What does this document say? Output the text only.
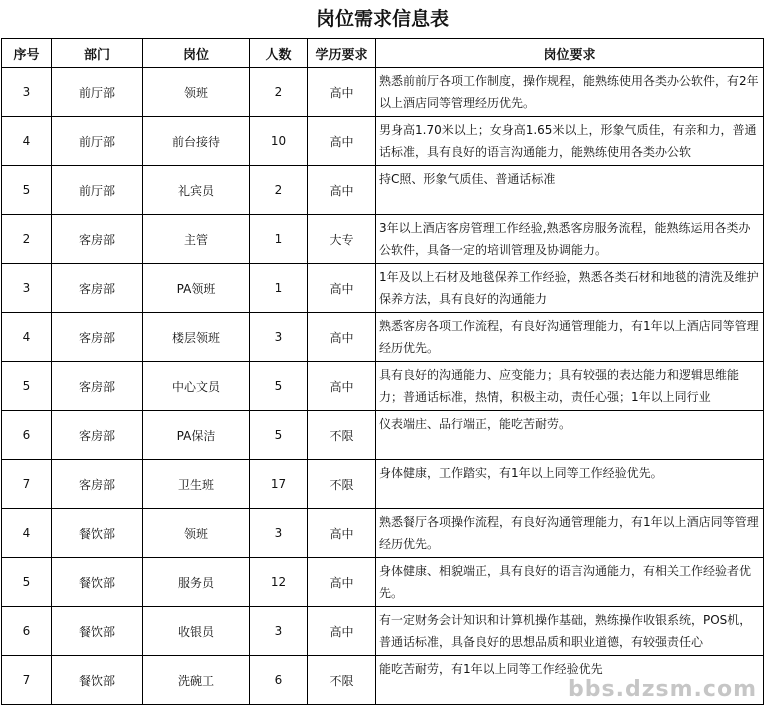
岗位需求信息表
序号	部门	岗位	人数	学历要求	岗位要求
3	前厅部	领班	2	高中	熟悉前前厅各项工作制度，操作规程，能熟练使用各类办公软件，有2年以上酒店同等管理经历优先。

4	前厅部	前台接待	10	高中	男身高1.70米以上；女身高1.65米以上，形象气质佳，有亲和力，普通话标准，具有良好的语言沟通能力，能熟练使用各类办公软

5	前厅部	礼宾员	2	高中	持C照、形象气质佳、普通话标准

2	客房部	主管	1	大专	3年以上酒店客房管理工作经验,熟悉客房服务流程，能熟练运用各类办公软件，具备一定的培训管理及协调能力。

3	客房部	PA领班	1	高中	1年及以上石材及地毯保养工作经验，熟悉各类石材和地毯的清洗及维护保养方法，具有良好的沟通能力

4	客房部	楼层领班	3	高中	熟悉客房各项工作流程，有良好沟通管理能力，有1年以上酒店同等管理经历优先。

5	客房部	中心文员	5	高中	具有良好的沟通能力、应变能力；具有较强的表达能力和逻辑思维能力；普通话标准，热情，积极主动，责任心强；1年以上同行业

6	客房部	PA保洁	5	不限	仪表端庄、品行端正，能吃苦耐劳。

7	客房部	卫生班	17	不限	身体健康，工作踏实，有1年以上同等工作经验优先。

4	餐饮部	领班	3	高中	熟悉餐厅各项操作流程，有良好沟通管理能力，有1年以上酒店同等管理经历优先。

5	餐饮部	服务员	12	高中	身体健康、相貌端正，具有良好的语言沟通能力，有相关工作经验者优先。

6	餐饮部	收银员	3	高中	有一定财务会计知识和计算机操作基础，熟练操作收银系统，POS机，普通话标准，具备良好的思想品质和职业道德，有较强责任心

7	餐饮部	洗碗工	6	不限	能吃苦耐劳，有1年以上同等工作经验优先
bbs.dzsm.com
